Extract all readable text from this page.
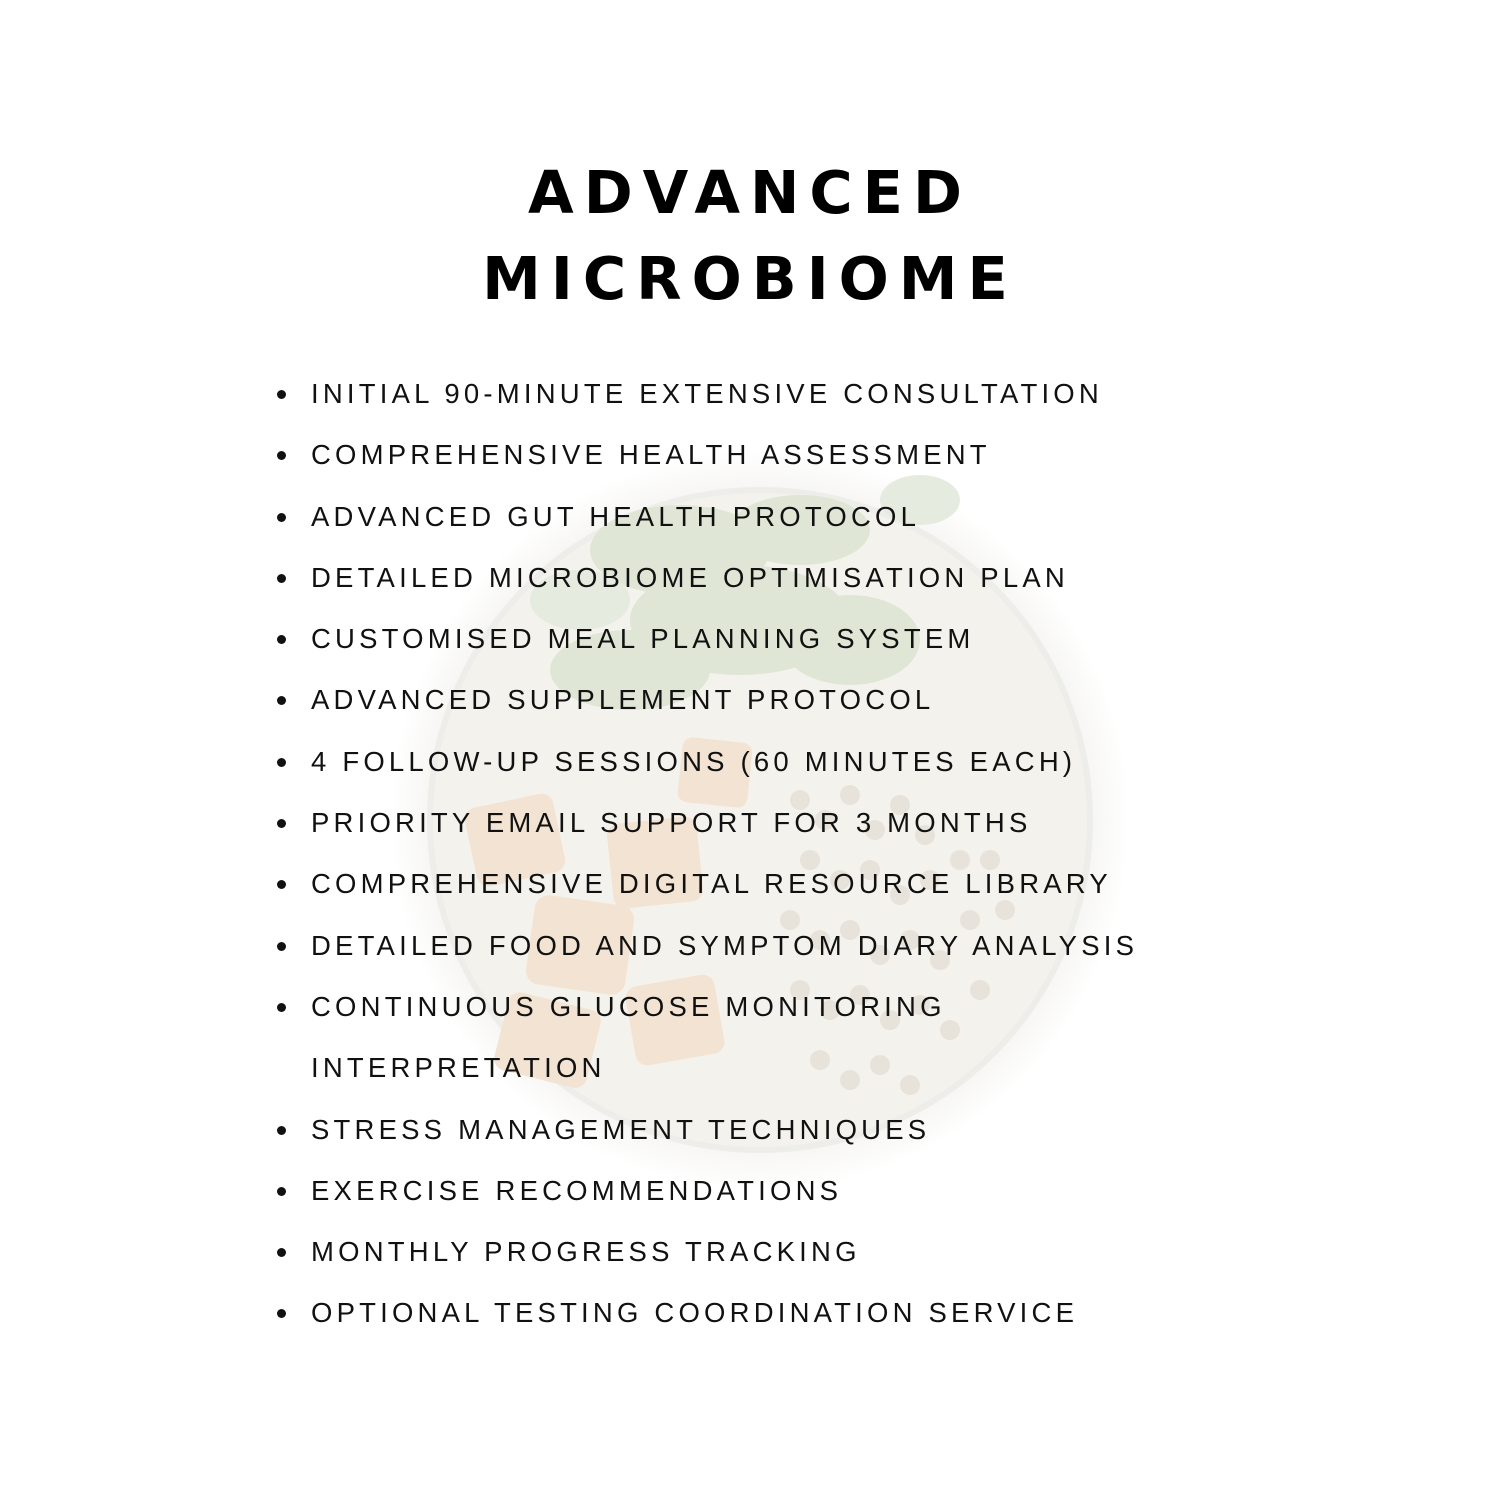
ADVANCED
MICROBIOME
INITIAL 90-MINUTE EXTENSIVE CONSULTATION
COMPREHENSIVE HEALTH ASSESSMENT
ADVANCED GUT HEALTH PROTOCOL
DETAILED MICROBIOME OPTIMISATION PLAN
CUSTOMISED MEAL PLANNING SYSTEM
ADVANCED SUPPLEMENT PROTOCOL
4 FOLLOW-UP SESSIONS (60 MINUTES EACH)
PRIORITY EMAIL SUPPORT FOR 3 MONTHS
COMPREHENSIVE DIGITAL RESOURCE LIBRARY
DETAILED FOOD AND SYMPTOM DIARY ANALYSIS
CONTINUOUS GLUCOSE MONITORING INTERPRETATION
STRESS MANAGEMENT TECHNIQUES
EXERCISE RECOMMENDATIONS
MONTHLY PROGRESS TRACKING
OPTIONAL TESTING COORDINATION SERVICE
